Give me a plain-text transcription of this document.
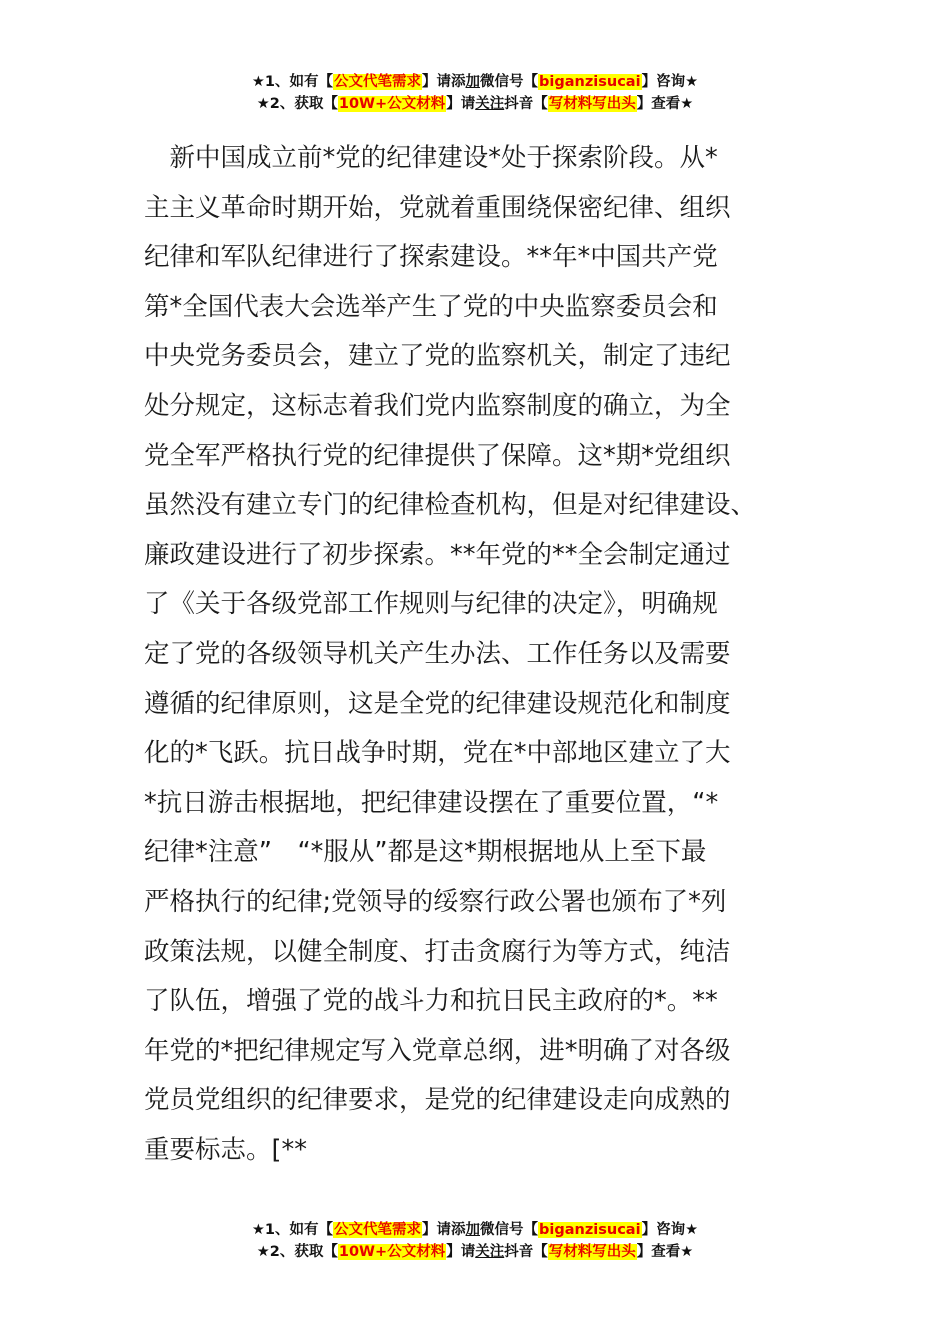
★1、如有【公文代笔需求】请添加微信号【biganzisucai】咨询★
★2、获取【10W+公文材料】请关注抖音【写材料写出头】查看★
　新中国成立前*党的纪律建设*处于探索阶段。从*
主主义革命时期开始，党就着重围绕保密纪律、组织
纪律和军队纪律进行了探索建设。**年*中国共产党
第*全国代表大会选举产生了党的中央监察委员会和
中央党务委员会，建立了党的监察机关，制定了违纪
处分规定，这标志着我们党内监察制度的确立，为全
党全军严格执行党的纪律提供了保障。这*期*党组织
虽然没有建立专门的纪律检查机构，但是对纪律建设、
廉政建设进行了初步探索。**年党的**全会制定通过
了《关于各级党部工作规则与纪律的决定》，明确规
定了党的各级领导机关产生办法、工作任务以及需要
遵循的纪律原则，这是全党的纪律建设规范化和制度
化的*飞跃。抗日战争时期，党在*中部地区建立了大
*抗日游击根据地，把纪律建设摆在了重要位置，“*
纪律*注意”　“*服从”都是这*期根据地从上至下最
严格执行的纪律;党领导的绥察行政公署也颁布了*列
政策法规，以健全制度、打击贪腐行为等方式，纯洁
了队伍，增强了党的战斗力和抗日民主政府的*。**
年党的*把纪律规定写入党章总纲，进*明确了对各级
党员党组织的纪律要求，是党的纪律建设走向成熟的
重要标志。[**
★1、如有【公文代笔需求】请添加微信号【biganzisucai】咨询★
★2、获取【10W+公文材料】请关注抖音【写材料写出头】查看★
